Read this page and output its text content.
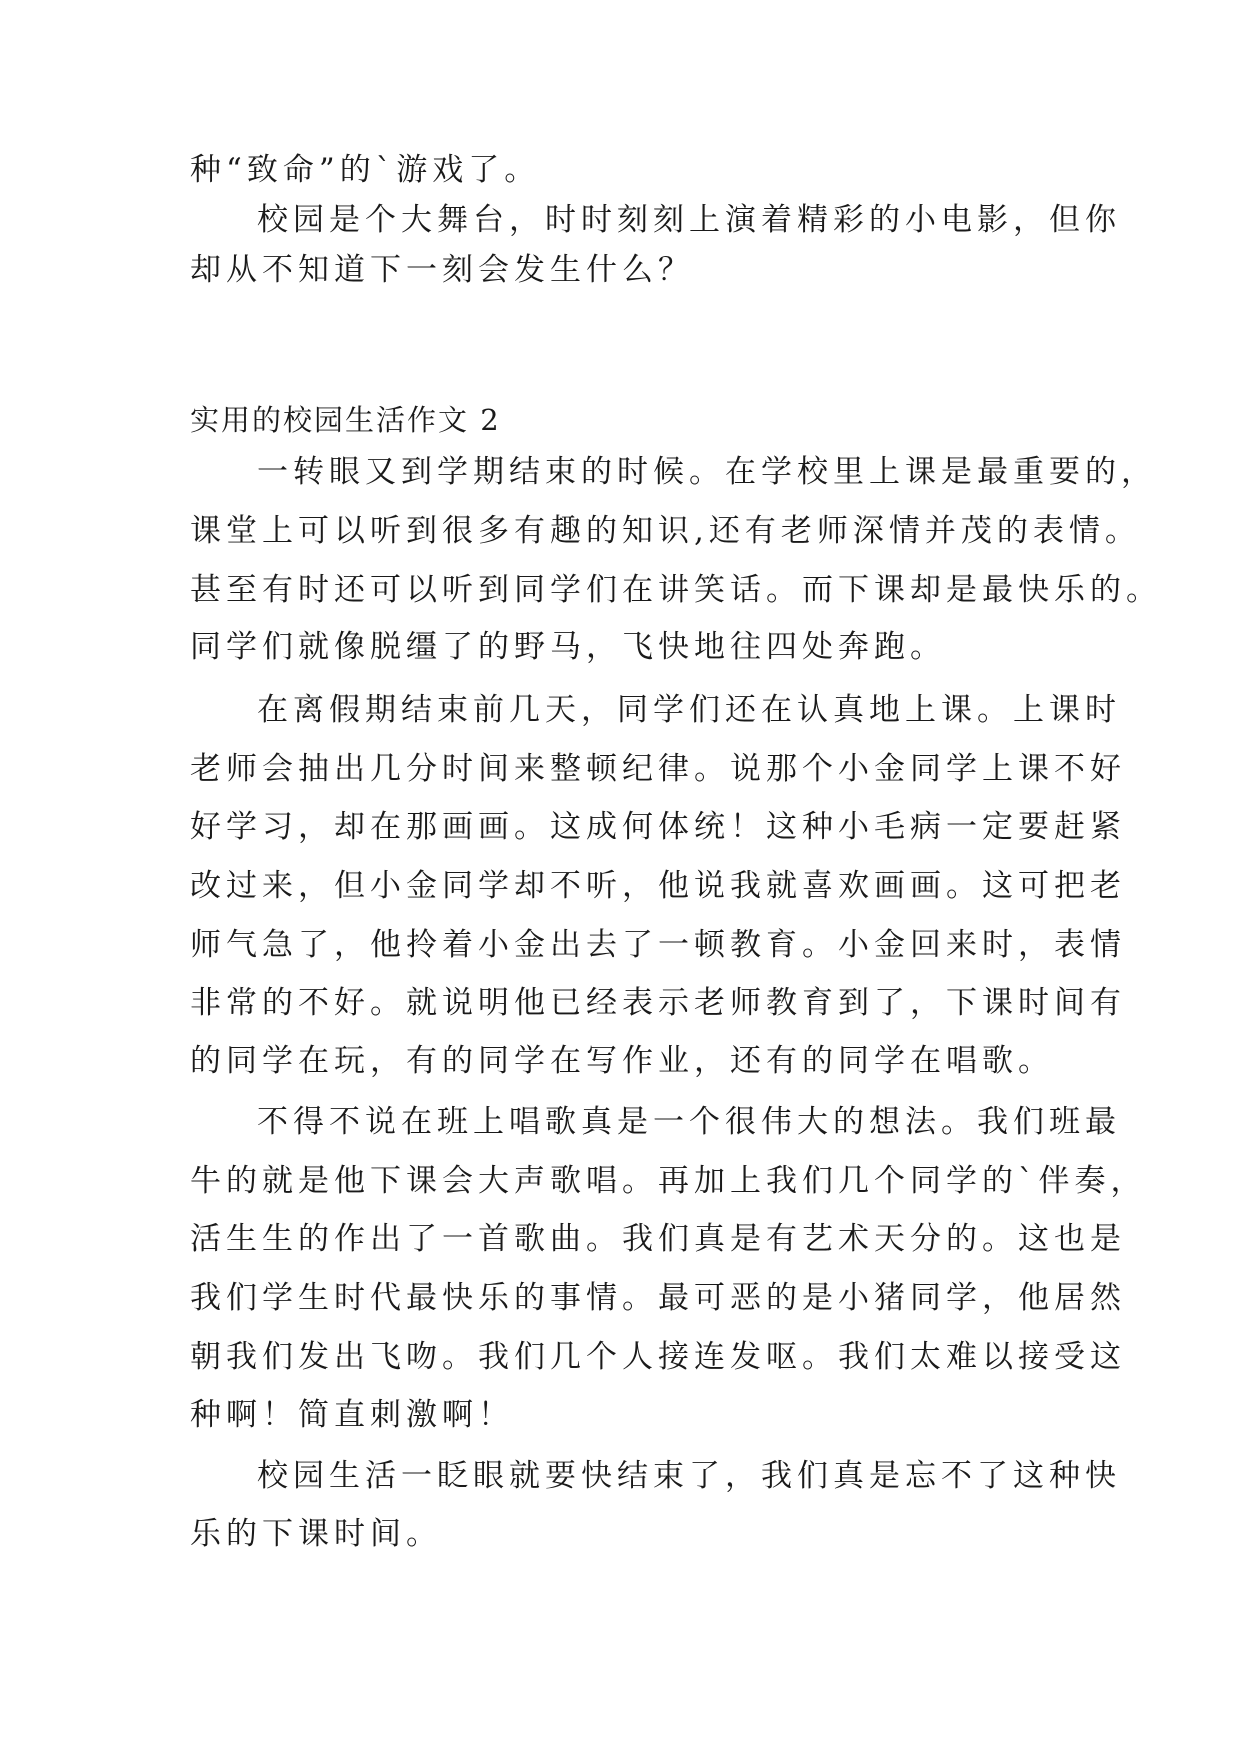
种“致命”的`游戏了。
校园是个大舞台，时时刻刻上演着精彩的小电影，但你
却从不知道下一刻会发生什么？
实用的校园生活作文 2
一转眼又到学期结束的时候。在学校里上课是最重要的，
课堂上可以听到很多有趣的知识,还有老师深情并茂的表情。
甚至有时还可以听到同学们在讲笑话。而下课却是最快乐的。
同学们就像脱缰了的野马，飞快地往四处奔跑。
在离假期结束前几天，同学们还在认真地上课。上课时
老师会抽出几分时间来整顿纪律。说那个小金同学上课不好
好学习，却在那画画。这成何体统！这种小毛病一定要赶紧
改过来，但小金同学却不听，他说我就喜欢画画。这可把老
师气急了，他拎着小金出去了一顿教育。小金回来时，表情
非常的不好。就说明他已经表示老师教育到了，下课时间有
的同学在玩，有的同学在写作业，还有的同学在唱歌。
不得不说在班上唱歌真是一个很伟大的想法。我们班最
牛的就是他下课会大声歌唱。再加上我们几个同学的`伴奏，
活生生的作出了一首歌曲。我们真是有艺术天分的。这也是
我们学生时代最快乐的事情。最可恶的是小猪同学，他居然
朝我们发出飞吻。我们几个人接连发呕。我们太难以接受这
种啊！简直刺激啊！
校园生活一眨眼就要快结束了，我们真是忘不了这种快
乐的下课时间。
